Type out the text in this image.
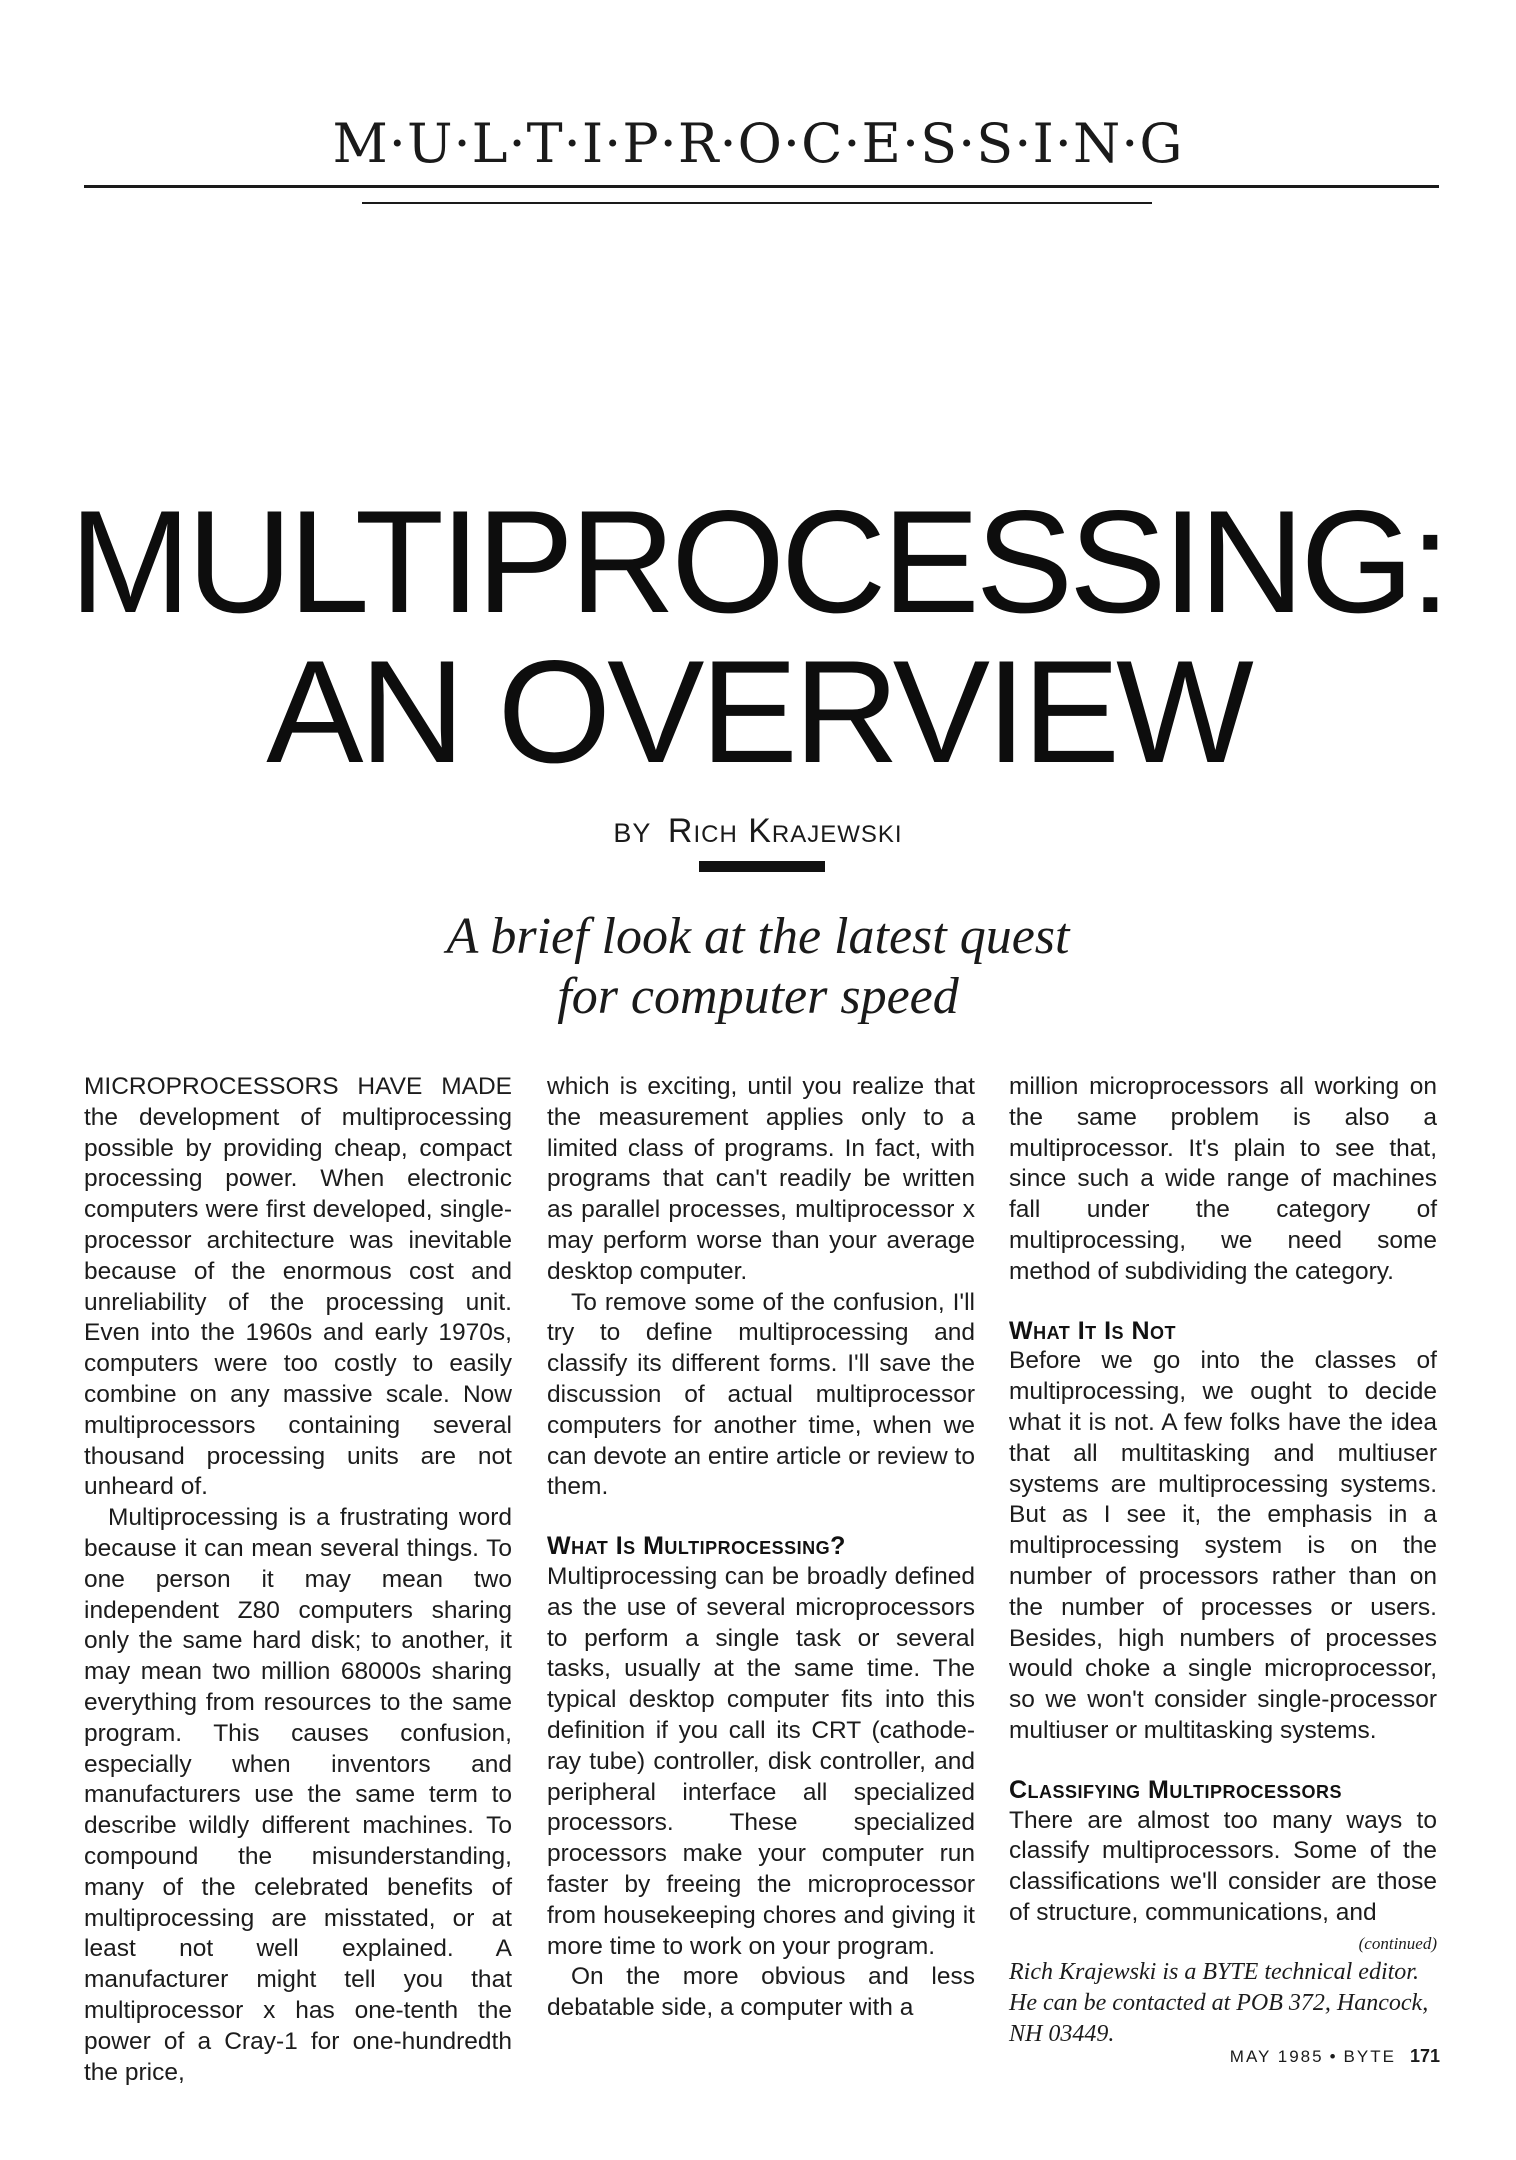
M·U·L·T·I·P·R·O·C·E·S·S·I·N·G
MULTIPROCESSING:
AN OVERVIEW
BY Rich Krajewski
A brief look at the latest quest
for computer speed

MICROPROCESSORS HAVE MADE the development of multiprocessing possible by providing cheap, compact processing power. When electronic computers were first developed, single-processor architecture was inevitable because of the enormous cost and unreliability of the processing unit. Even into the 1960s and early 1970s, computers were too costly to easily combine on any massive scale. Now multiprocessors containing several thousand processing units are not unheard of.

Multiprocessing is a frustrating word because it can mean several things. To one person it may mean two independent Z80 computers sharing only the same hard disk; to another, it may mean two million 68000s sharing everything from resources to the same program. This causes confusion, especially when inventors and manufacturers use the same term to describe wildly different machines. To compound the misunderstanding, many of the celebrated benefits of multiprocessing are misstated, or at least not well explained. A manufacturer might tell you that multiprocessor x has one-tenth the power of a Cray-1 for one-hundredth the price,

which is exciting, until you realize that the measurement applies only to a limited class of programs. In fact, with programs that can't readily be written as parallel processes, multiprocessor x may perform worse than your average desktop computer.

To remove some of the confusion, I'll try to define multiprocessing and classify its different forms. I'll save the discussion of actual multiprocessor computers for another time, when we can devote an entire article or review to them.

What Is Multiprocessing?

Multiprocessing can be broadly defined as the use of several microprocessors to perform a single task or several tasks, usually at the same time. The typical desktop computer fits into this definition if you call its CRT (cathode-ray tube) controller, disk controller, and peripheral interface all specialized processors. These specialized processors make your computer run faster by freeing the microprocessor from housekeeping chores and giving it more time to work on your program.

On the more obvious and less debatable side, a computer with a

million microprocessors all working on the same problem is also a multiprocessor. It's plain to see that, since such a wide range of machines fall under the category of multiprocessing, we need some method of subdividing the category.

What It Is Not

Before we go into the classes of multiprocessing, we ought to decide what it is not. A few folks have the idea that all multitasking and multiuser systems are multiprocessing systems. But as I see it, the emphasis in a multiprocessing system is on the number of processors rather than on the number of processes or users. Besides, high numbers of processes would choke a single microprocessor, so we won't consider single-processor multiuser or multitasking systems.

Classifying Multiprocessors

There are almost too many ways to classify multiprocessors. Some of the classifications we'll consider are those of structure, communications, and

(continued)

Rich Krajewski is a BYTE technical editor. He can be contacted at POB 372, Hancock, NH 03449.

MAY 1985 • BYTE 171
